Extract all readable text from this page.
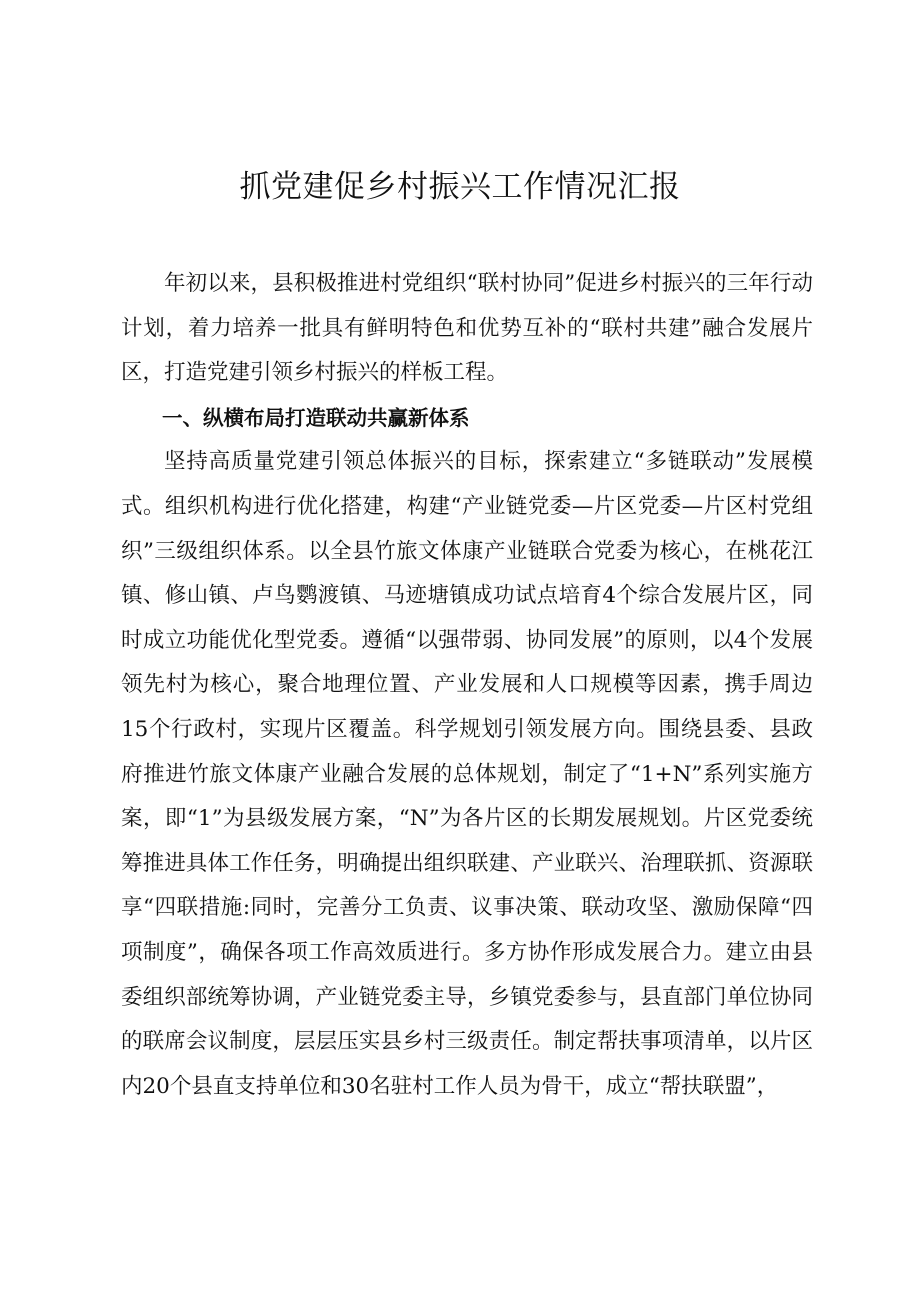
抓党建促乡村振兴工作情况汇报

年初以来，县积极推进村党组织“联村协同”促进乡村振兴的三年行动计划，着力培养一批具有鲜明特色和优势互补的“联村共建”融合发展片区，打造党建引领乡村振兴的样板工程。

一、纵横布局打造联动共赢新体系

坚持高质量党建引领总体振兴的目标，探索建立“多链联动”发展模式。组织机构进行优化搭建，构建“产业链党委—片区党委—片区村党组织”三级组织体系。以全县竹旅文体康产业链联合党委为核心，在桃花江镇、修山镇、卢鸟鹦渡镇、马迹塘镇成功试点培育4个综合发展片区，同时成立功能优化型党委。遵循“以强带弱、协同发展”的原则，以4个发展领先村为核心，聚合地理位置、产业发展和人口规模等因素，携手周边15个行政村，实现片区覆盖。科学规划引领发展方向。围绕县委、县政府推进竹旅文体康产业融合发展的总体规划，制定了“1+N”系列实施方案，即“1”为县级发展方案，“N”为各片区的长期发展规划。片区党委统筹推进具体工作任务，明确提出组织联建、产业联兴、治理联抓、资源联享“四联措施:同时，完善分工负责、议事决策、联动攻坚、激励保障“四项制度”，确保各项工作高效质进行。多方协作形成发展合力。建立由县委组织部统筹协调，产业链党委主导，乡镇党委参与，县直部门单位协同的联席会议制度，层层压实县乡村三级责任。制定帮扶事项清单，以片区内20个县直支持单位和30名驻村工作人员为骨干，成立“帮扶联盟”，
